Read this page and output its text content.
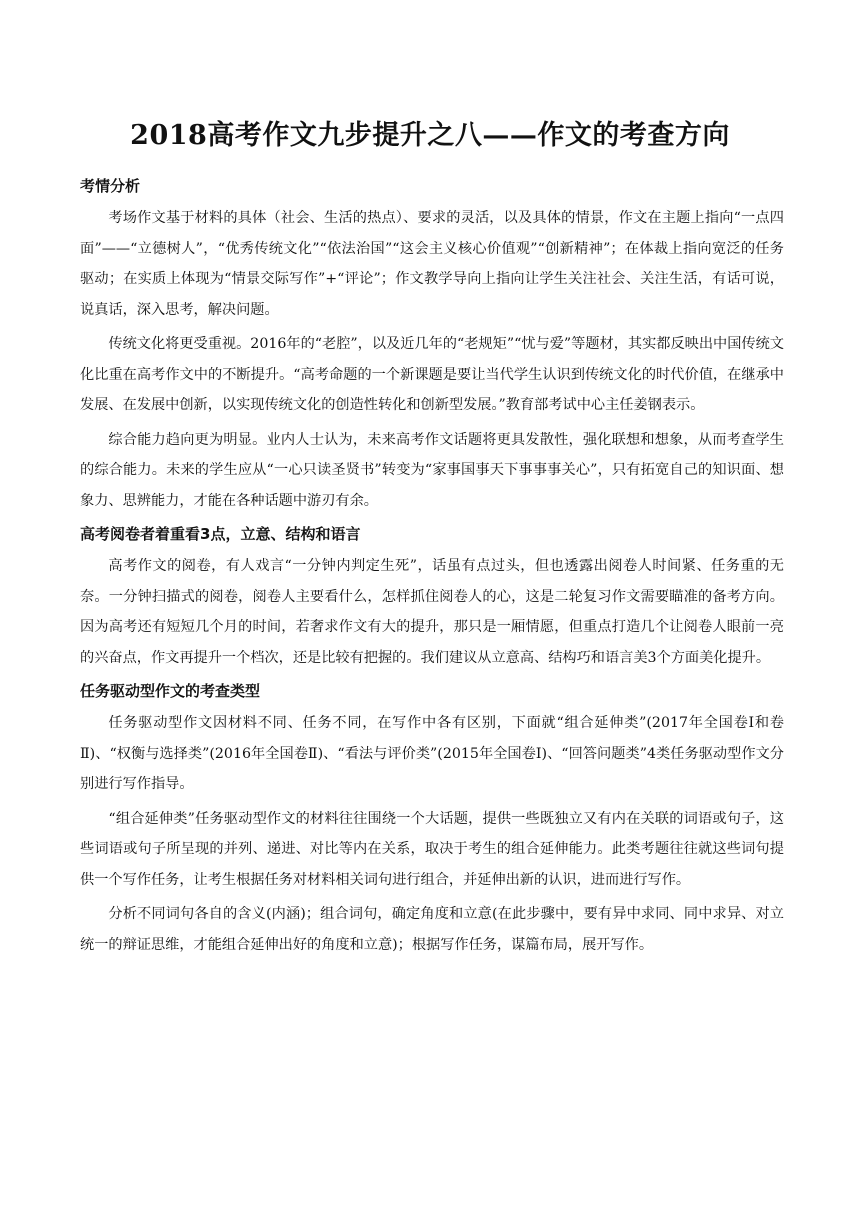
2018高考作文九步提升之八——作文的考查方向
考情分析

考场作文基于材料的具体（社会、生活的热点）、要求的灵活，以及具体的情景，作文在主题上指向“一点四面”——“立德树人”，“优秀传统文化”“依法治国”“这会主义核心价值观”“创新精神”；在体裁上指向宽泛的任务驱动；在实质上体现为“情景交际写作”+“评论”；作文教学导向上指向让学生关注社会、关注生活，有话可说，说真话，深入思考，解决问题。

传统文化将更受重视。2016年的“老腔”，以及近几年的“老规矩”“忧与爱”等题材，其实都反映出中国传统文化比重在高考作文中的不断提升。“高考命题的一个新课题是要让当代学生认识到传统文化的时代价值，在继承中发展、在发展中创新，以实现传统文化的创造性转化和创新型发展。”教育部考试中心主任姜钢表示。

综合能力趋向更为明显。业内人士认为，未来高考作文话题将更具发散性，强化联想和想象，从而考查学生的综合能力。未来的学生应从“一心只读圣贤书”转变为“家事国事天下事事事关心”，只有拓宽自己的知识面、想象力、思辨能力，才能在各种话题中游刃有余。

高考阅卷者着重看3点，立意、结构和语言

高考作文的阅卷，有人戏言“一分钟内判定生死”，话虽有点过头，但也透露出阅卷人时间紧、任务重的无奈。一分钟扫描式的阅卷，阅卷人主要看什么，怎样抓住阅卷人的心，这是二轮复习作文需要瞄准的备考方向。因为高考还有短短几个月的时间，若奢求作文有大的提升，那只是一厢情愿，但重点打造几个让阅卷人眼前一亮的兴奋点，作文再提升一个档次，还是比较有把握的。我们建议从立意高、结构巧和语言美3个方面美化提升。

任务驱动型作文的考查类型

任务驱动型作文因材料不同、任务不同，在写作中各有区别，下面就“组合延伸类”(2017年全国卷Ⅰ和卷Ⅱ)、“权衡与选择类”(2016年全国卷Ⅱ)、“看法与评价类”(2015年全国卷Ⅰ)、“回答问题类”4类任务驱动型作文分别进行写作指导。

“组合延伸类”任务驱动型作文的材料往往围绕一个大话题，提供一些既独立又有内在关联的词语或句子，这些词语或句子所呈现的并列、递进、对比等内在关系，取决于考生的组合延伸能力。此类考题往往就这些词句提供一个写作任务，让考生根据任务对材料相关词句进行组合，并延伸出新的认识，进而进行写作。

分析不同词句各自的含义(内涵)；组合词句，确定角度和立意(在此步骤中，要有异中求同、同中求异、对立统一的辩证思维，才能组合延伸出好的角度和立意)；根据写作任务，谋篇布局，展开写作。
